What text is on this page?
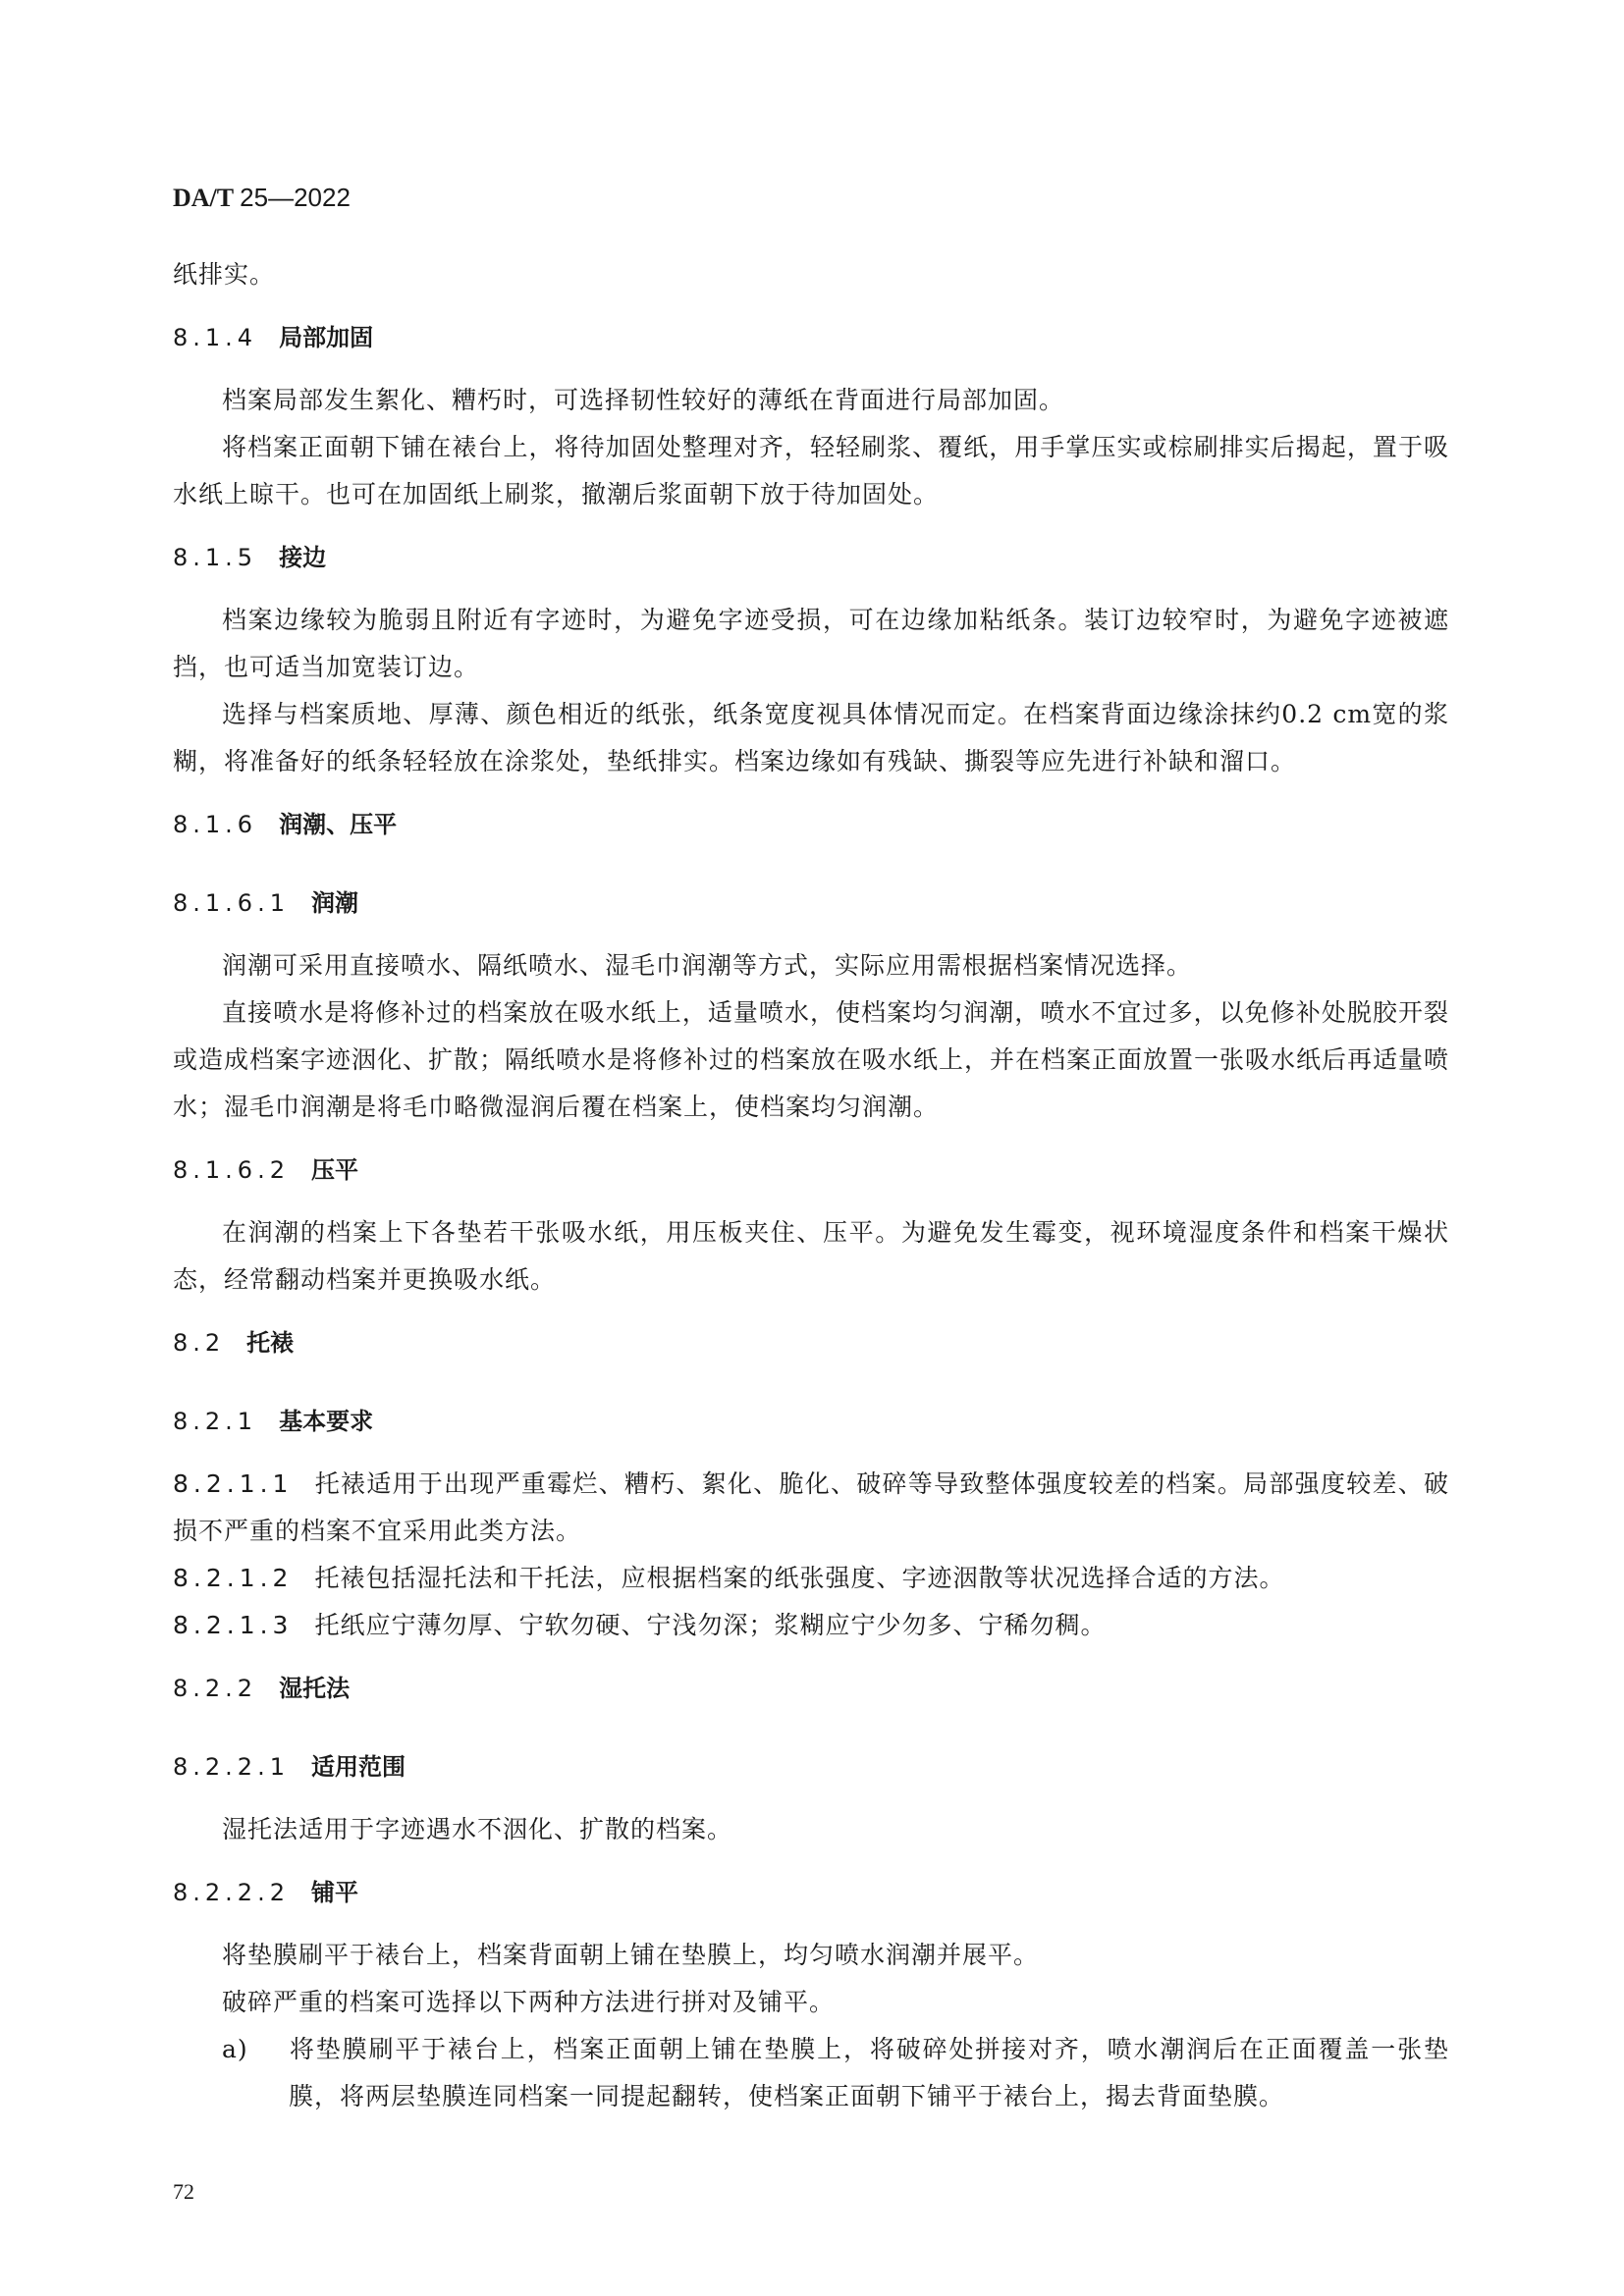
DA/T 25—2022
纸排实。
8.1.4 局部加固
档案局部发生絮化、糟朽时，可选择韧性较好的薄纸在背面进行局部加固。
将档案正面朝下铺在裱台上，将待加固处整理对齐，轻轻刷浆、覆纸，用手掌压实或棕刷排实后揭起，置于吸水纸上晾干。也可在加固纸上刷浆，撤潮后浆面朝下放于待加固处。
8.1.5 接边
档案边缘较为脆弱且附近有字迹时，为避免字迹受损，可在边缘加粘纸条。装订边较窄时，为避免字迹被遮挡，也可适当加宽装订边。
选择与档案质地、厚薄、颜色相近的纸张，纸条宽度视具体情况而定。在档案背面边缘涂抹约0.2 cm宽的浆糊，将准备好的纸条轻轻放在涂浆处，垫纸排实。档案边缘如有残缺、撕裂等应先进行补缺和溜口。
8.1.6 润潮、压平
8.1.6.1 润潮
润潮可采用直接喷水、隔纸喷水、湿毛巾润潮等方式，实际应用需根据档案情况选择。
直接喷水是将修补过的档案放在吸水纸上，适量喷水，使档案均匀润潮，喷水不宜过多，以免修补处脱胶开裂或造成档案字迹洇化、扩散；隔纸喷水是将修补过的档案放在吸水纸上，并在档案正面放置一张吸水纸后再适量喷水；湿毛巾润潮是将毛巾略微湿润后覆在档案上，使档案均匀润潮。
8.1.6.2 压平
在润潮的档案上下各垫若干张吸水纸，用压板夹住、压平。为避免发生霉变，视环境湿度条件和档案干燥状态，经常翻动档案并更换吸水纸。
8.2 托裱
8.2.1 基本要求
8.2.1.1 托裱适用于出现严重霉烂、糟朽、絮化、脆化、破碎等导致整体强度较差的档案。局部强度较差、破损不严重的档案不宜采用此类方法。
8.2.1.2 托裱包括湿托法和干托法，应根据档案的纸张强度、字迹洇散等状况选择合适的方法。
8.2.1.3 托纸应宁薄勿厚、宁软勿硬、宁浅勿深；浆糊应宁少勿多、宁稀勿稠。
8.2.2 湿托法
8.2.2.1 适用范围
湿托法适用于字迹遇水不洇化、扩散的档案。
8.2.2.2 铺平
将垫膜刷平于裱台上，档案背面朝上铺在垫膜上，均匀喷水润潮并展平。
破碎严重的档案可选择以下两种方法进行拼对及铺平。
a) 将垫膜刷平于裱台上，档案正面朝上铺在垫膜上，将破碎处拼接对齐，喷水潮润后在正面覆盖一张垫膜，将两层垫膜连同档案一同提起翻转，使档案正面朝下铺平于裱台上，揭去背面垫膜。
72
